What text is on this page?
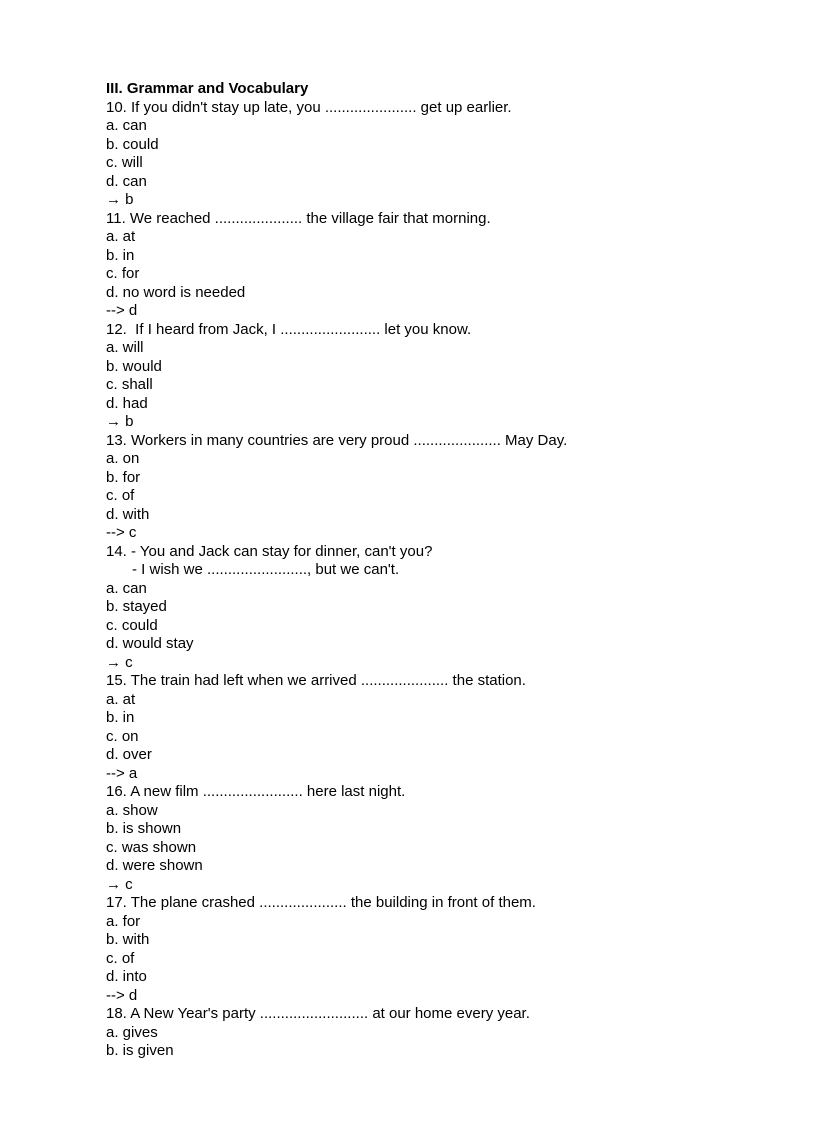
III. Grammar and Vocabulary
10. If you didn't stay up late, you ...................... get up earlier.
a. can
b. could
c. will
d. can
→ b
11. We reached ..................... the village fair that morning.
a. at
b. in
c. for
d. no word is needed
--> d
12.  If I heard from Jack, I ........................ let you know.
a. will
b. would
c. shall
d. had
→ b
13. Workers in many countries are very proud ..................... May Day.
a. on
b. for
c. of
d. with
--> c
14. - You and Jack can stay for dinner, can't you?
- I wish we ........................, but we can't.
a. can
b. stayed
c. could
d. would stay
→ c
15. The train had left when we arrived ..................... the station.
a. at
b. in
c. on
d. over
--> a
16. A new film ........................ here last night.
a. show
b. is shown
c. was shown
d. were shown
→ c
17. The plane crashed ..................... the building in front of them.
a. for
b. with
c. of
d. into
--> d
18. A New Year's party .......................... at our home every year.
a. gives
b. is given
